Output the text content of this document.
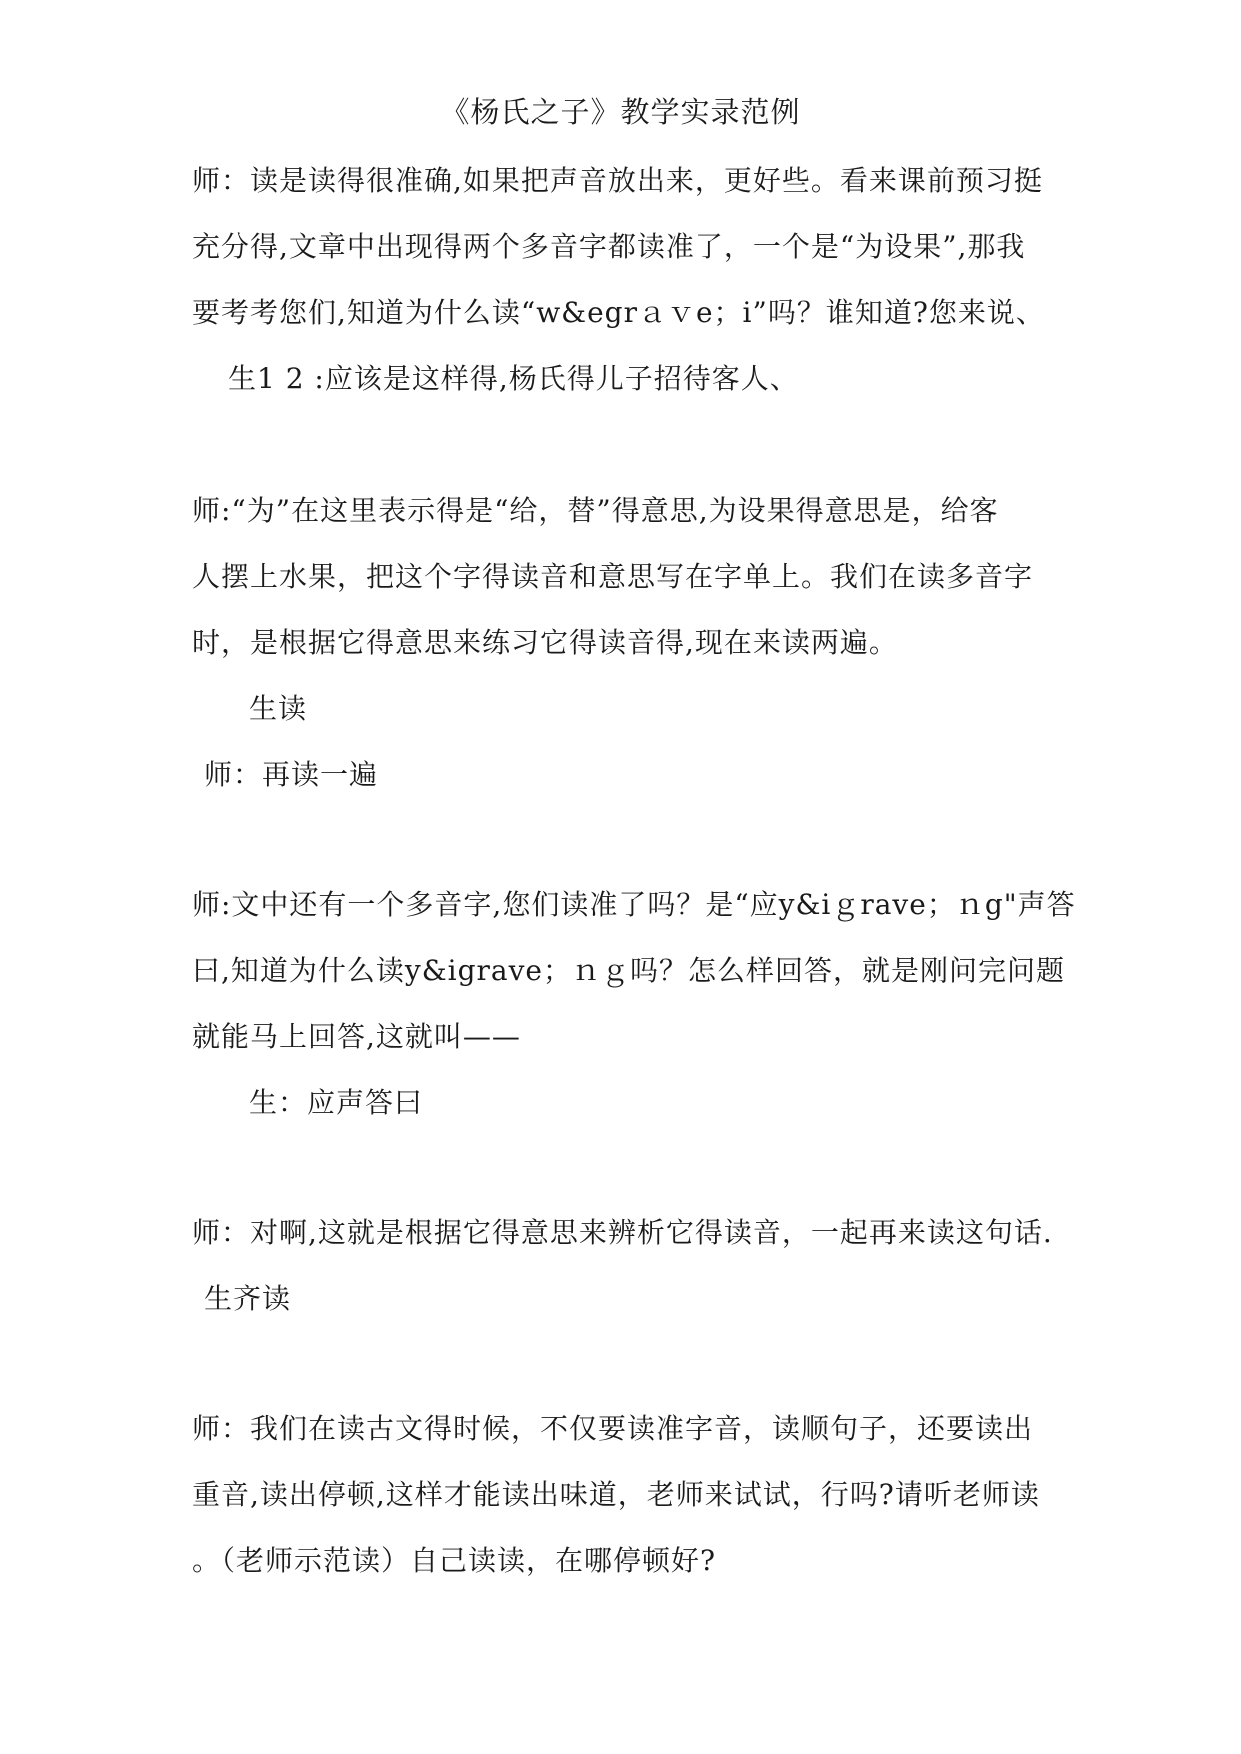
《杨氏之子》教学实录范例
师：读是读得很准确,如果把声音放出来，更好些。看来课前预习挺
充分得,文章中出现得两个多音字都读准了，一个是“为设果”,那我
要考考您们,知道为什么读“w&egrａｖe；i”吗？谁知道?您来说、
生1 2 :应该是这样得,杨氏得儿子招待客人、
师:“为”在这里表示得是“给，替”得意思,为设果得意思是，给客
人摆上水果，把这个字得读音和意思写在字单上。我们在读多音字
时，是根据它得意思来练习它得读音得,现在来读两遍。
生读
师：再读一遍
师:文中还有一个多音字,您们读准了吗？是“应y&iｇrave；ｎg"声答
曰,知道为什么读y&igrave；ｎｇ吗？怎么样回答，就是刚问完问题
就能马上回答,这就叫——
生：应声答曰
师：对啊,这就是根据它得意思来辨析它得读音，一起再来读这句话.
生齐读
师：我们在读古文得时候，不仅要读准字音，读顺句子，还要读出
重音,读出停顿,这样才能读出味道，老师来试试，行吗?请听老师读
。（老师示范读）自己读读，在哪停顿好?
